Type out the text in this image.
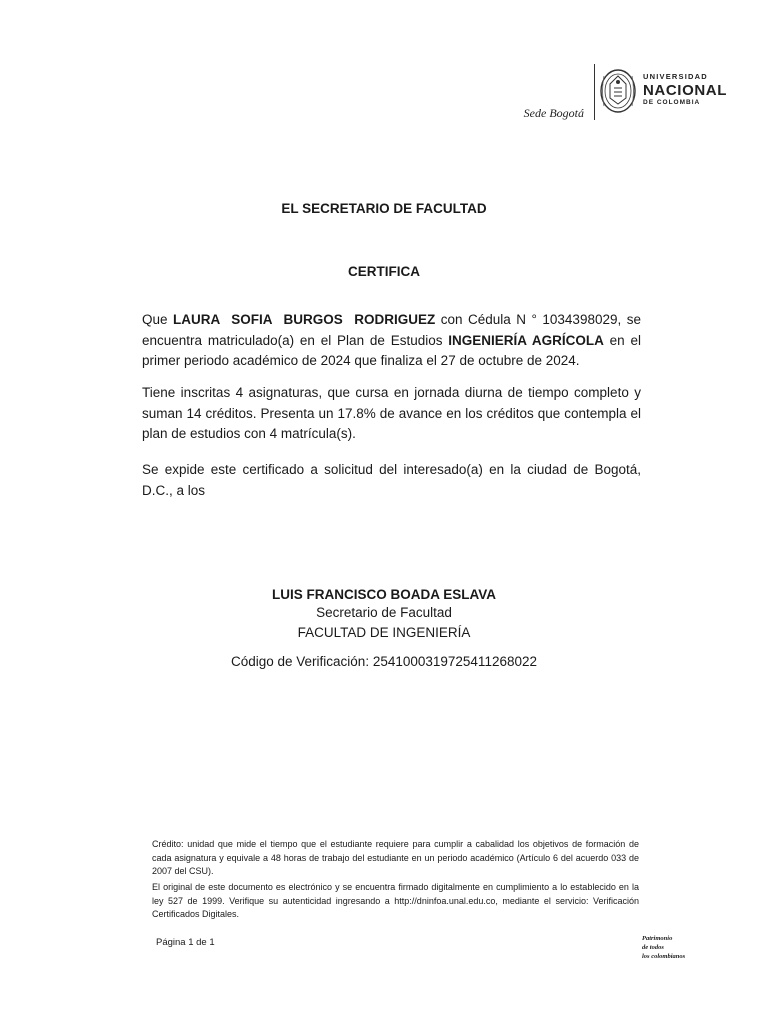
Sede Bogotá
UNIVERSIDAD
NACIONAL
DE COLOMBIA
EL SECRETARIO DE FACULTAD
CERTIFICA
Que LAURA SOFIA BURGOS RODRIGUEZ con Cédula N ° 1034398029, se encuentra matriculado(a) en el Plan de Estudios INGENIERÍA AGRÍCOLA en el primer periodo académico de 2024 que finaliza el 27 de octubre de 2024.
Tiene inscritas 4 asignaturas, que cursa en jornada diurna de tiempo completo y suman 14 créditos. Presenta un 17.8% de avance en los créditos que contempla el plan de estudios con 4 matrícula(s).
Se expide este certificado a solicitud del interesado(a) en la ciudad de Bogotá, D.C., a los
LUIS FRANCISCO BOADA ESLAVA
Secretario de Facultad
FACULTAD DE INGENIERÍA
Código de Verificación: 2541000319725411268022
Crédito: unidad que mide el tiempo que el estudiante requiere para cumplir a cabalidad los objetivos de formación de cada asignatura y equivale a 48 horas de trabajo del estudiante en un periodo académico (Artículo 6 del acuerdo 033 de 2007 del CSU).
El original de este documento es electrónico y se encuentra firmado digitalmente en cumplimiento a lo establecido en la ley 527 de 1999. Verifique su autenticidad ingresando a http://dninfoa.unal.edu.co, mediante el servicio: Verificación Certificados Digitales.
Página 1 de 1	Patrimonio
de todos
los colombianos
